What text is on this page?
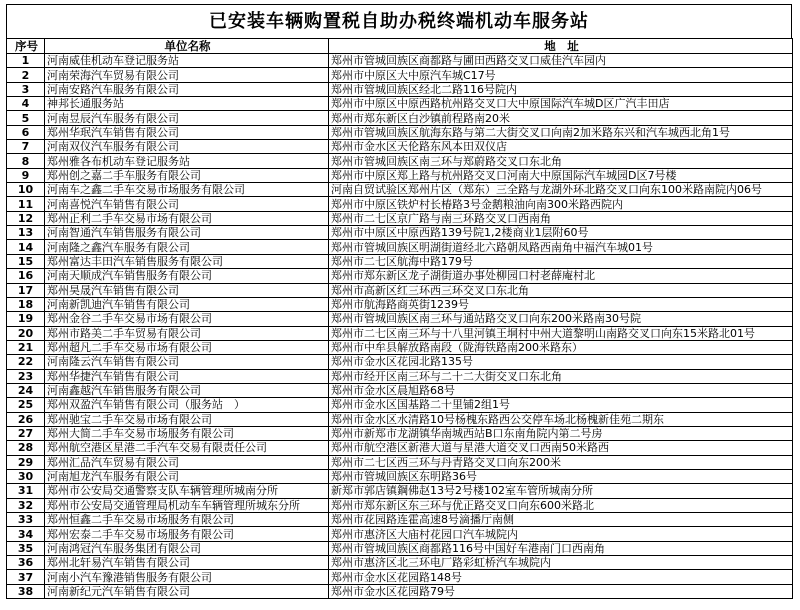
已安装车辆购置税自助办税终端机动车服务站
序号	单位名称	地　址
1	河南威佳机动车登记服务站	郑州市管城回族区商都路与圃田西路交叉口威佳汽车园内
2	河南荣海汽车贸易有限公司	郑州市中原区大中原汽车城C17号
3	河南安路汽车服务有限公司	郑州市管城回族区经北二路116号院内
4	神邦长通服务站	郑州市中原区中原西路杭州路交叉口大中原国际汽车城D区广汽丰田店
5	河南昱辰汽车服务有限公司	郑州市郑东新区白沙镇前程路南20米
6	郑州华珉汽车销售有限公司	郑州市管城回族区航海东路与第二大街交叉口向南2加米路东兴和汽车城西北角1号
7	河南双仪汽车服务有限公司	郑州市金水区天伦路东风本田双仪店
8	郑州雅各布机动车登记服务站	郑州市管城回族区南三环与郑蔚路交叉口东北角
9	郑州创之嘉二手车服务有限公司	郑州市中原区郑上路与杭州路交叉口河南大中原国际汽车城园D区7号楼
10	河南车之鑫二手车交易市场服务有限公司	河南自贸试验区郑州片区（郑东）三全路与龙湖外环北路交叉口向东100米路南院内06号
11	河南喜悦汽车销售有限公司	郑州市中原区铁炉村长椿路3号金鹅粮油向南300米路西院内
12	郑州正利二手车交易市场有限公司	郑州市二七区京广路与南三环路交叉口西南角
13	河南智通汽车销售服务有限公司	郑州市中原区中原西路139号院1,2楼商业1层附60号
14	河南隆之鑫汽车服务有限公司	郑州市管城回族区明湖街道经北六路朝凤路西南角中福汽车城01号
15	郑州富达丰田汽车销售服务有限公司	郑州市二七区航海中路179号
16	河南天顺成汽车销售服务有限公司	郑州市郑东新区龙子湖街道办事处柳园口村老薛庵村北
17	郑州昊晟汽车销售有限公司	郑州市高新区红三环西三环交叉口东北角
18	河南新凯迪汽车销售有限公司	郑州市航海路商英街1239号
19	郑州金谷二手车交易市场有限公司	郑州市管城回族区南三环与通站路交叉口向东200米路南30号院
20	郑州市路美二手车贸易有限公司	郑州市二七区南三环与十八里河镇王垌村中州大道黎明山南路交叉口向东15米路北01号
21	郑州超凡二手车交易市场有限公司	郑州市中牟县解放路南段（陇海铁路南200米路东）
22	河南隆云汽车销售有限公司	郑州市金水区花园北路135号
23	郑州华捷汽车销售有限公司	郑州市经开区南三环与二十二大街交叉口东北角
24	河南鑫越汽车销售服务有限公司	郑州市金水区晨旭路68号
25	郑州双盈汽车销售有限公司（服务站　）	郑州市金水区国基路二十里铺2组1号
26	郑州驰宝二手车交易市场有限公司	郑州市金水区水清路10号杨槐东路西公交停车场北杨槐新佳苑二期东
27	郑州大简二手车交易市场服务有限公司	郑州市新郑市龙湖镇华南城西站B口东南角院内第二号房
28	郑州航空港区星港二手汽车交易有限责任公司	郑州市航空港区新港大道与星港大道交叉口西南50米路西
29	郑州汇品汽车贸易有限公司	郑州市二七区西三环与丹青路交叉口向东200米
30	河南旭龙汽车服务有限公司	郑州市管城回族区东明路36号
31	郑州市公安局交通警察支队车辆管理所城南分所	新郑市郭店镇鋼佛赵13号2号楼102室车管所城南分所
32	郑州市公安局交通管理局机动车车辆管理所城东分所	郑州市郑东新区东三环与优正路交叉口向东600米路北
33	郑州恒鑫二手车交易市场服务有限公司	郑州市花园路连霍高速8号滴播厅南侧
34	郑州宏泰二手车交易市场服务有限公司	郑州市惠济区大庙村花园口汽车城院内
35	河南鸿冠汽车服务集团有限公司	郑州市管城回族区商都路116号中国好车港南门口西南角
36	郑州北轩易汽车销售有限公司	郑州市惠济区北三环电厂路彩虹桥汽车城院内
37	河南小汽车豫港销售服务有限公司	郑州市金水区花园路148号
38	河南新纪元汽车销售有限公司	郑州市金水区花园路79号
